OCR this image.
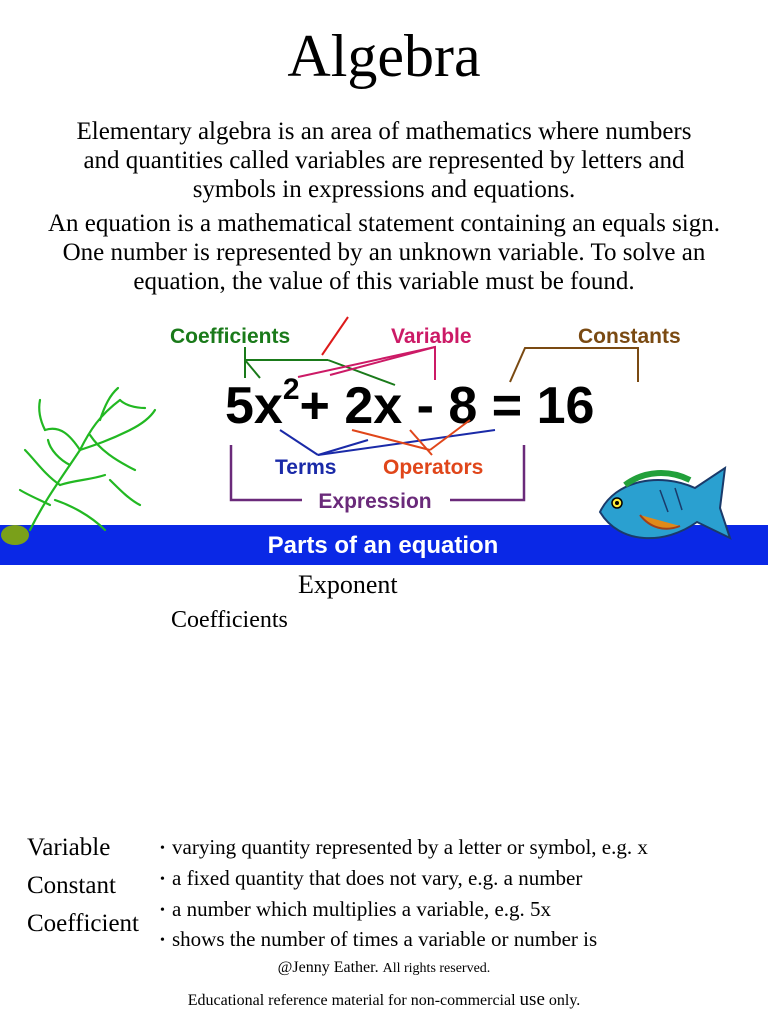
Algebra
Elementary algebra is an area of mathematics where numbers
and quantities called variables are represented by letters and
symbols in expressions and equations.
An equation is a mathematical statement containing an equals sign.
One number is represented by an unknown variable. To solve an
equation, the value of this variable must be found.
Parts of an equation
Coefficients	Variable	Constants
$5x^2+ 2x - 8 = 16$
Terms Operators
Expression
Exponent
Coefficients
Variable
Constant
Coefficient
• varying quantity represented by a letter or symbol, e.g. x
• a fixed quantity that does not vary, e.g. a number
• a number which multiplies a variable, e.g. 5x
• shows the number of times a variable or number is
@Jenny Eather. All rights reserved.
Educational reference material for non-commercial use only.
